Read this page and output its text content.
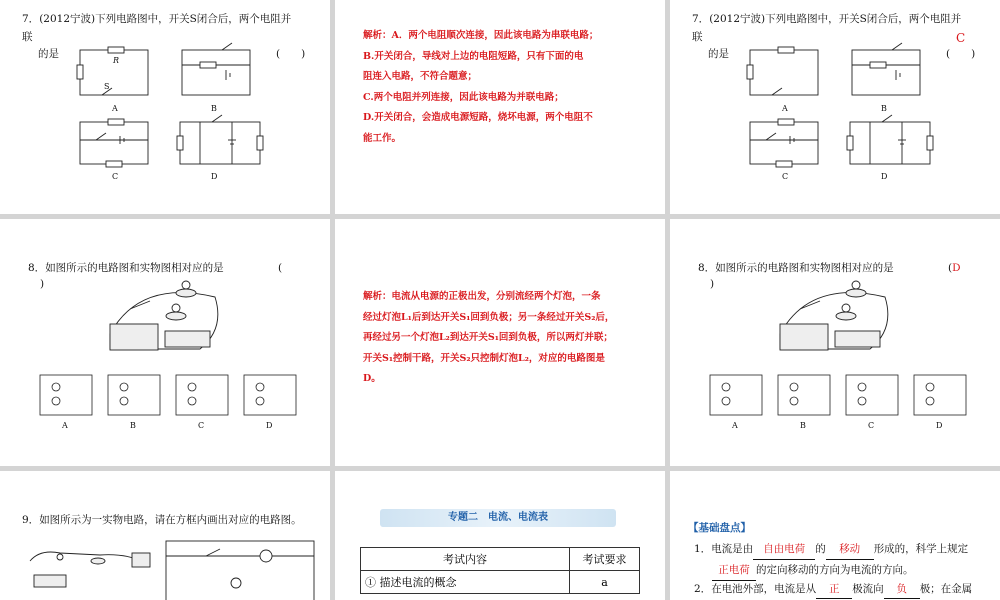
7．(2012宁波)下列电路图中，开关S闭合后，两个电阻并
联
的是	(　　)
A	B
C	D
R
S
解析：A．两个电阻顺次连接，因此该电路为串联电路；
B.开关闭合，导线对上边的电阻短路，只有下面的电
阻连入电路，不符合题意；
C.两个电阻并列连接，因此该电路为并联电路；
D.开关闭合，会造成电源短路，烧坏电源，两个电阻不
能工作。
7．(2012宁波)下列电路图中，开关S闭合后，两个电阻并
联
的是	(　　)
C
A	B
C	D
8．如图所示的电路图和实物图相对应的是	(
)
A	B	C	D
解析：电流从电源的正极出发，分别流经两个灯泡，一条
经过灯泡L₁后到达开关S₁回到负极；另一条经过开关S₂后，
再经过另一个灯泡L₂到达开关S₁回到负极，所以两灯并联；
开关S₁控制干路，开关S₂只控制灯泡L₂，对应的电路图是
D。
8．如图所示的电路图和实物图相对应的是	(D
)
A	B	C	D
9．如图所示为一实物电路，请在方框内画出对应的电路图。	专题二　电流、电流表
考试内容	考试要求
① 描述电流的概念	a
【基础盘点】
1．电流是由 自由电荷 的 移动 形成的，科学上规定
正电荷 的定向移动的方向为电流的方向。
2．在电池外部，电流是从 正 极流向 负 极；在金属
